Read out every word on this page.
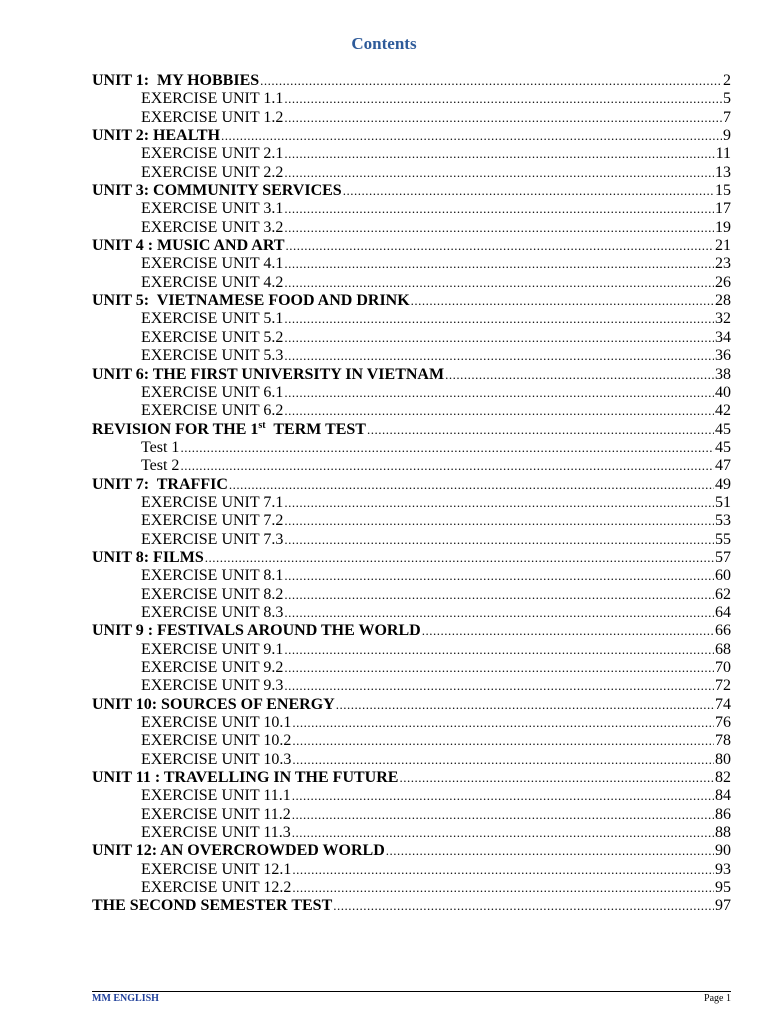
Contents
UNIT 1:  MY HOBBIES .....	2
EXERCISE UNIT 1.1 .....	5
EXERCISE UNIT 1.2 .....	7
UNIT 2: HEALTH .....	9
EXERCISE UNIT 2.1 .....	11
EXERCISE UNIT 2.2 .....	13
UNIT 3: COMMUNITY SERVICES .....	15
EXERCISE UNIT 3.1 .....	17
EXERCISE UNIT 3.2 .....	19
UNIT 4 : MUSIC AND ART .....	21
EXERCISE UNIT 4.1 .....	23
EXERCISE UNIT 4.2 .....	26
UNIT 5:  VIETNAMESE FOOD AND DRINK .....	28
EXERCISE UNIT 5.1 .....	32
EXERCISE UNIT 5.2 .....	34
EXERCISE UNIT 5.3 .....	36
UNIT 6: THE FIRST UNIVERSITY IN VIETNAM .....	38
EXERCISE UNIT 6.1 .....	40
EXERCISE UNIT 6.2 .....	42
REVISION FOR THE 1st  TERM TEST .....	45
Test 1 .....	45
Test 2 .....	47
UNIT 7:  TRAFFIC .....	49
EXERCISE UNIT 7.1 .....	51
EXERCISE UNIT 7.2 .....	53
EXERCISE UNIT 7.3 .....	55
UNIT 8: FILMS .....	57
EXERCISE UNIT 8.1 .....	60
EXERCISE UNIT 8.2 .....	62
EXERCISE UNIT 8.3 .....	64
UNIT 9 : FESTIVALS AROUND THE WORLD .....	66
EXERCISE UNIT 9.1 .....	68
EXERCISE UNIT 9.2 .....	70
EXERCISE UNIT 9.3 .....	72
UNIT 10: SOURCES OF ENERGY .....	74
EXERCISE UNIT 10.1 .....	76
EXERCISE UNIT 10.2 .....	78
EXERCISE UNIT 10.3 .....	80
UNIT 11 : TRAVELLING IN THE FUTURE .....	82
EXERCISE UNIT 11.1 .....	84
EXERCISE UNIT 11.2 .....	86
EXERCISE UNIT 11.3 .....	88
UNIT 12: AN OVERCROWDED WORLD .....	90
EXERCISE UNIT 12.1 .....	93
EXERCISE UNIT 12.2 .....	95
THE SECOND SEMESTER TEST .....	97
MM ENGLISH	Page 1
